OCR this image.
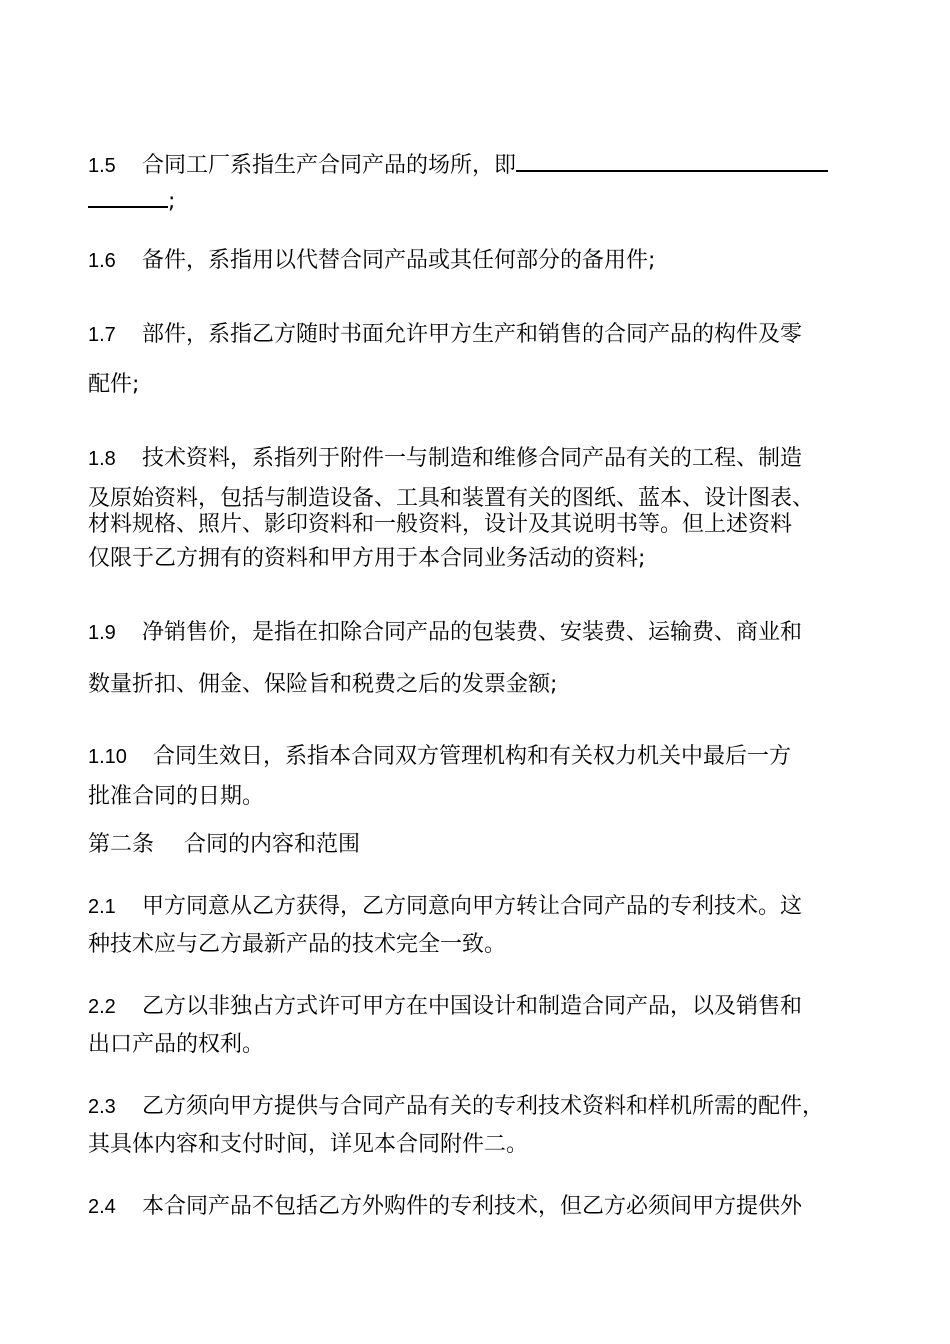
1.5 合同工厂系指生产合同产品的场所，即
;
1.6 备件，系指用以代替合同产品或其任何部分的备用件;
1.7 部件，系指乙方随时书面允许甲方生产和销售的合同产品的构件及零
配件;
1.8 技术资料，系指列于附件一与制造和维修合同产品有关的工程、制造
及原始资料，包括与制造设备、工具和装置有关的图纸、蓝本、设计图表、
材料规格、照片、影印资料和一般资料，设计及其说明书等。但上述资料
仅限于乙方拥有的资料和甲方用于本合同业务活动的资料;
1.9 净销售价，是指在扣除合同产品的包装费、安装费、运输费、商业和
数量折扣、佣金、保险旨和税费之后的发票金额;
1.10 合同生效日，系指本合同双方管理机构和有关权力机关中最后一方
批准合同的日期。
第二条 合同的内容和范围
2.1 甲方同意从乙方获得，乙方同意向甲方转让合同产品的专利技术。这
种技术应与乙方最新产品的技术完全一致。
2.2 乙方以非独占方式许可甲方在中国设计和制造合同产品，以及销售和
出口产品的权利。
2.3 乙方须向甲方提供与合同产品有关的专利技术资料和样机所需的配件，
其具体内容和支付时间，详见本合同附件二。
2.4 本合同产品不包括乙方外购件的专利技术，但乙方必须间甲方提供外
